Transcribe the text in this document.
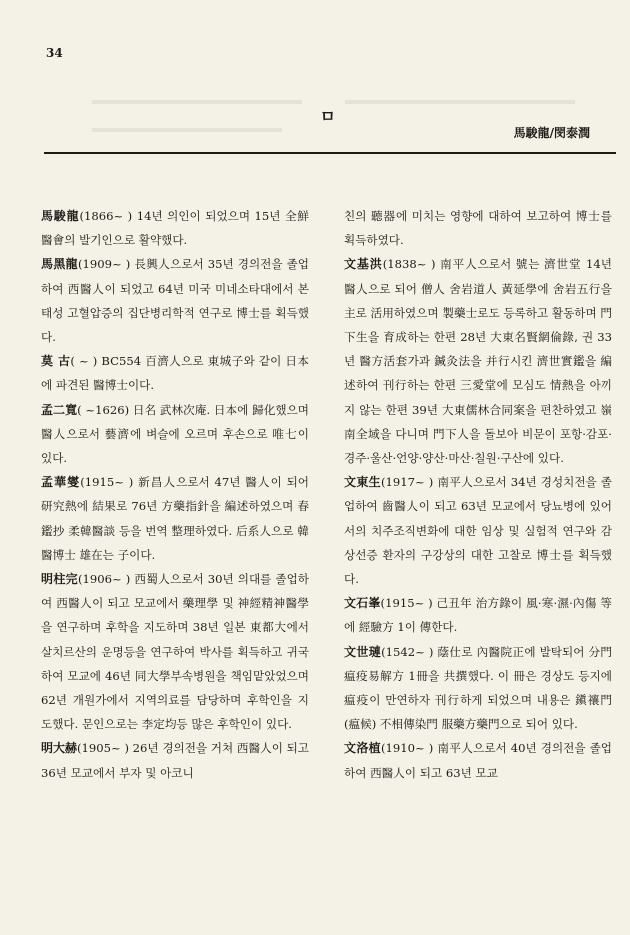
34
ㅁ
馬駿龍/閔泰潤
馬駿龍(1866~ ) 14년 의인이 되었으며 15년 全鮮醫會의 발기인으로 활약했다.
馬黑龍(1909~ ) 長興人으로서 35년 경의전을 졸업하여 西醫人이 되었고 64년 미국 미네소타대에서 본태성 고혈압증의 집단병리학적 연구로 博士를 획득했다.
莫 古( ~ ) BC554 百濟人으로 東城子와 같이 日本에 파견된 醫博士이다.
孟二寬( ~1626) 日名 武林次庵. 日本에 歸化했으며 醫人으로서 藝濟에 벼슬에 오르며 후손으로 唯七이 있다.
孟華燮(1915~ ) 新昌人으로서 47년 醫人이 되어 研究熱에 結果로 76년 方藥指針을 編述하였으며 春鑑抄 柔韓醫談 등을 번역 整理하였다. 后系人으로 韓醫博士 雄在는 子이다.
明柱完(1906~ ) 西蜀人으로서 30년 의대를 졸업하여 西醫人이 되고 모교에서 藥理學 및 神經精神醫學을 연구하며 후학을 지도하며 38년 일본 東都大에서 살치르산의 운명등을 연구하여 박사를 획득하고 귀국하여 모교에 46년 同大學부속병원을 책임맡았었으며 62년 개원가에서 지역의료를 담당하며 후학인을 지도했다. 문인으로는 李定均등 많은 후학인이 있다.
明大赫(1905~ ) 26년 경의전을 거쳐 西醫人이 되고 36년 모교에서 부자 및 아코니
친의 聽器에 미치는 영향에 대하여 보고하여 博士를 획득하였다.
文基洪(1838~ ) 南平人으로서 號는 濟世堂 14년 醫人으로 되어 僧人 舍岩道人 黃延學에 舍岩五行을 主로 活用하였으며 製藥士로도 등록하고 활동하며 門下生을 育成하는 한편 28년 大東名賢網倫錄, 권 33년 醫方活套가과 鍼灸法을 并行시킨 濟世實鑑을 編述하여 刊行하는 한편 三愛堂에 모심도 情熱을 아끼지 않는 한편 39년 大東儒林合同案을 편찬하였고 嶺南全域을 다니며 門下人을 돌보아 비문이 포항·감포·경주·울산·언양·양산·마산·칠원·구산에 있다.
文東生(1917~ ) 南平人으로서 34년 경성치전을 졸업하여 齒醫人이 되고 63년 모교에서 당뇨병에 있어서의 치주조직변화에 대한 임상 및 실험적 연구와 감상선증 환자의 구강상의 대한 고찰로 博士를 획득했다.
文石峯(1915~ ) 己丑年 治方錄이 風·寒·濕·內傷 等에 經驗方 1이 傳한다.
文世璉(1542~ ) 蔭仕로 內醫院正에 발탁되어 分門瘟疫易解方 1冊을 共撰했다. 이 冊은 경상도 등지에 瘟疫이 만연하자 刊行하게 되었으며 내용은 鎭禳門(瘟候) 不相傳染門 服藥方藥門으로 되어 있다.
文洛植(1910~ ) 南平人으로서 40년 경의전을 졸업하여 西醫人이 되고 63년 모교
